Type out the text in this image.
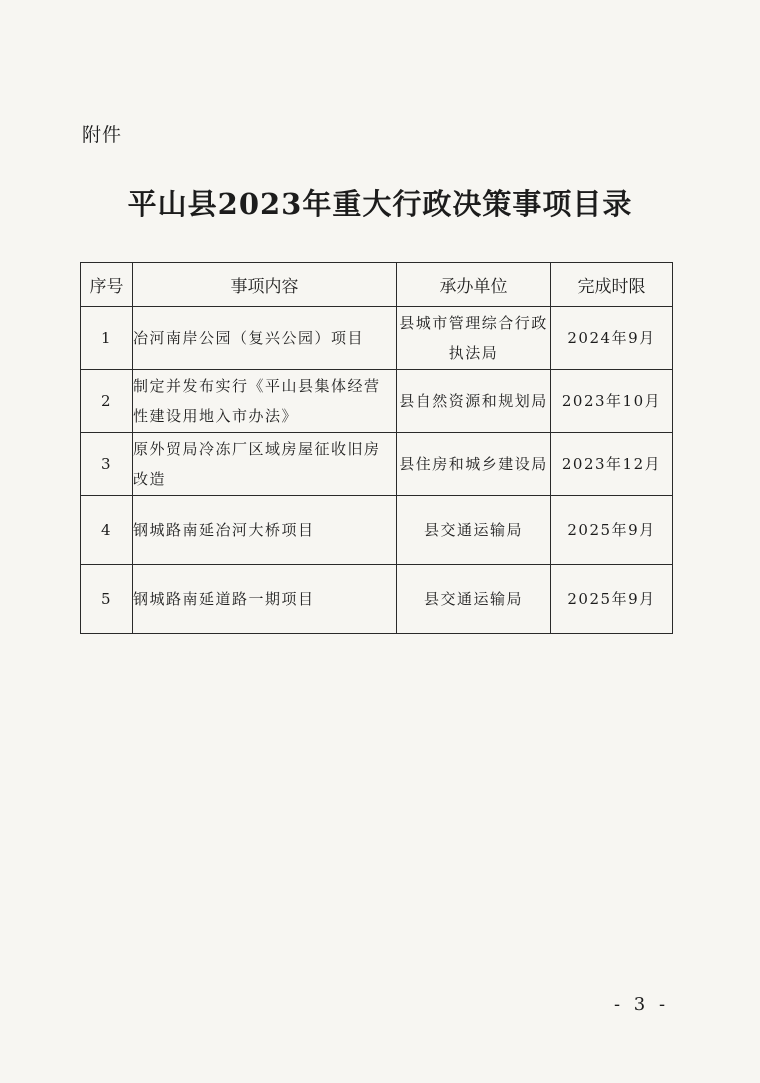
附件
平山县2023年重大行政决策事项目录
序号	事项内容	承办单位	完成时限
1	冶河南岸公园（复兴公园）项目	县城市管理综合行政执法局	2024年9月
2	制定并发布实行《平山县集体经营性建设用地入市办法》	县自然资源和规划局	2023年10月
3	原外贸局冷冻厂区域房屋征收旧房改造	县住房和城乡建设局	2023年12月
4	钢城路南延冶河大桥项目	县交通运输局	2025年9月
5	钢城路南延道路一期项目	县交通运输局	2025年9月
- 3 -
